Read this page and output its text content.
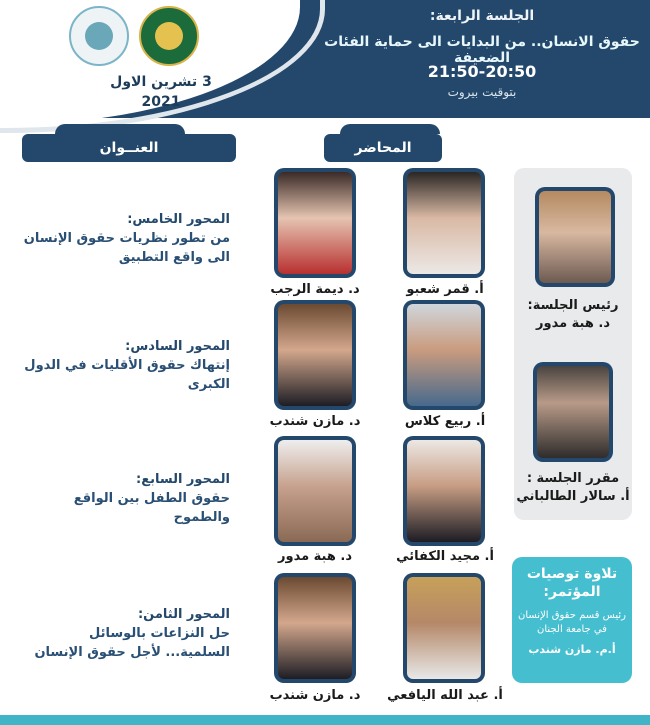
3 تشرين الاول
2021
الجلسة الرابعة:
حقوق الانسان.. من البدايات الى حماية الفئات الضعيفة
21:50-20:50
بتوقيت بيروت
العنــوان	المحاضر
رئيس الجلسة:
د. هبة مدور
مقرر الجلسة :
أ. سالار الطالباني
المحور الخامس:
من تطور نظريات حقوق الإنسان الى واقع التطبيق
أ. قمر شعبو
د. ديمة الرجب
المحور السادس:
إنتهاك حقوق الأقليات في الدول الكبرى
أ. ربيع كلاس
د. مازن شندب
المحور السابع:
حقوق الطفل بين الواقع والطموح
أ. مجيد الكفائي
د. هبة مدور
المحور الثامن:
حل النزاعات بالوسائل السلمية... لأجل حقوق الإنسان
أ. عبد الله اليافعي
د. مازن شندب
تلاوة توصيات المؤتمر:
رئيس قسم حقوق الإنسان في جامعة الجنان
أ.م. مازن شندب
